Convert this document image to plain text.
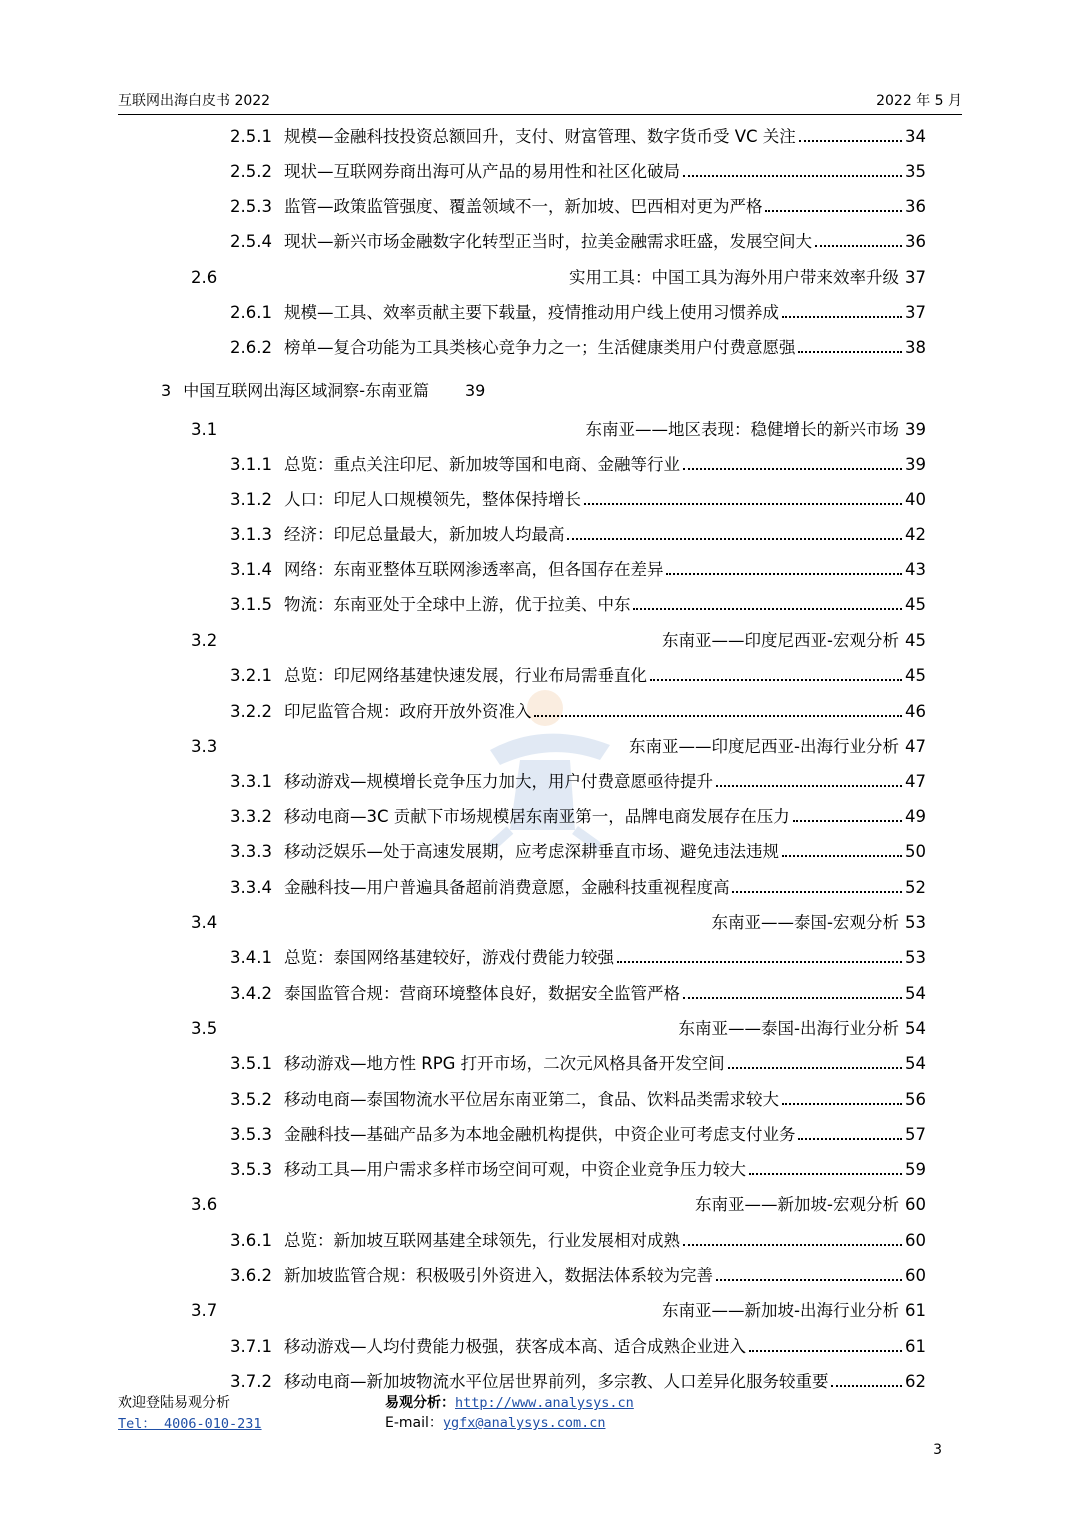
互联网出海白皮书 2022	2022 年 5 月
2.5.1 规模—金融科技投资总额回升，支付、财富管理、数字货币受 VC 关注	34
2.5.2 现状—互联网券商出海可从产品的易用性和社区化破局	35
2.5.3 监管—政策监管强度、覆盖领域不一，新加坡、巴西相对更为严格	36
2.5.4 现状—新兴市场金融数字化转型正当时，拉美金融需求旺盛，发展空间大	36
2.6	实用工具：中国工具为海外用户带来效率升级 37
2.6.1 规模—工具、效率贡献主要下载量，疫情推动用户线上使用习惯养成	37
2.6.2 榜单—复合功能为工具类核心竞争力之一；生活健康类用户付费意愿强	38
3 中国互联网出海区域洞察-东南亚篇 39
3.1	东南亚——地区表现：稳健增长的新兴市场 39
3.1.1 总览：重点关注印尼、新加坡等国和电商、金融等行业	39
3.1.2 人口：印尼人口规模领先，整体保持增长	40
3.1.3 经济：印尼总量最大，新加坡人均最高	42
3.1.4 网络：东南亚整体互联网渗透率高，但各国存在差异	43
3.1.5 物流：东南亚处于全球中上游，优于拉美、中东	45
3.2	东南亚——印度尼西亚-宏观分析 45
3.2.1 总览：印尼网络基建快速发展，行业布局需垂直化	45
3.2.2 印尼监管合规：政府开放外资准入	46
3.3	东南亚——印度尼西亚-出海行业分析 47
3.3.1 移动游戏—规模增长竞争压力加大，用户付费意愿亟待提升	47
3.3.2 移动电商—3C 贡献下市场规模居东南亚第一，品牌电商发展存在压力	49
3.3.3 移动泛娱乐—处于高速发展期，应考虑深耕垂直市场、避免违法违规	50
3.3.4 金融科技—用户普遍具备超前消费意愿，金融科技重视程度高	52
3.4	东南亚——泰国-宏观分析 53
3.4.1 总览：泰国网络基建较好，游戏付费能力较强	53
3.4.2 泰国监管合规：营商环境整体良好，数据安全监管严格	54
3.5	东南亚——泰国-出海行业分析 54
3.5.1 移动游戏—地方性 RPG 打开市场，二次元风格具备开发空间	54
3.5.2 移动电商—泰国物流水平位居东南亚第二，食品、饮料品类需求较大	56
3.5.3 金融科技—基础产品多为本地金融机构提供，中资企业可考虑支付业务	57
3.5.3 移动工具—用户需求多样市场空间可观，中资企业竞争压力较大	59
3.6	东南亚——新加坡-宏观分析 60
3.6.1 总览：新加坡互联网基建全球领先，行业发展相对成熟	60
3.6.2 新加坡监管合规：积极吸引外资进入，数据法体系较为完善	60
3.7	东南亚——新加坡-出海行业分析 61
3.7.1 移动游戏—人均付费能力极强，获客成本高、适合成熟企业进入	61
3.7.2 移动电商—新加坡物流水平位居世界前列，多宗教、人口差异化服务较重要	62
欢迎登陆易观分析
Tel： 4006-010-231
易观分析：http://www.analysys.cn
E-mail：ygfx@analysys.com.cn
3
